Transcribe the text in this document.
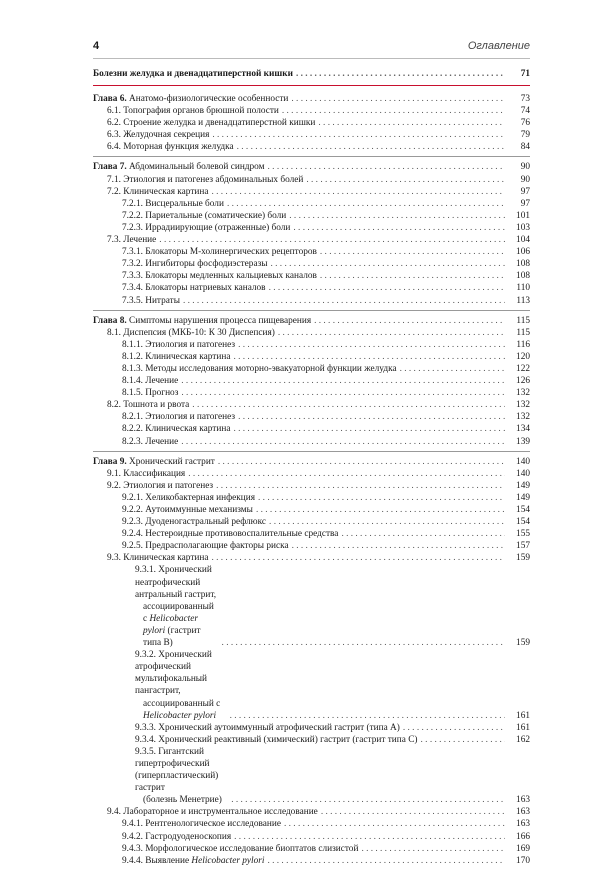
4	Оглавление
Болезни желудка и двенадцатиперстной кишки . . .	71
Глава 6. Анатомо-физиологические особенности . . .	73
6.1. Топография органов брюшной полости . . .	74
6.2. Строение желудка и двенадцатиперстной кишки . . .	76
6.3. Желудочная секреция . . .	79
6.4. Моторная функция желудка . . .	84
Глава 7. Абдоминальный болевой синдром . . .	90
7.1. Этиология и патогенез абдоминальных болей . . .	90
7.2. Клиническая картина . . .	97
7.2.1. Висцеральные боли . . .	97
7.2.2. Париетальные (соматические) боли . . .	101
7.2.3. Иррадиирующие (отраженные) боли . . .	103
7.3. Лечение . . .	104
7.3.1. Блокаторы М-холинергических рецепторов . . .	106
7.3.2. Ингибиторы фосфодиэстеразы . . .	108
7.3.3. Блокаторы медленных кальциевых каналов . . .	108
7.3.4. Блокаторы натриевых каналов . . .	110
7.3.5. Нитраты . . .	113
Глава 8. Симптомы нарушения процесса пищеварения . . .	115
8.1. Диспепсия (МКБ-10: К 30 Диспепсия) . . .	115
8.1.1. Этиология и патогенез . . .	116
8.1.2. Клиническая картина . . .	120
8.1.3. Методы исследования моторно-эвакуаторной функции желудка . . .	122
8.1.4. Лечение . . .	126
8.1.5. Прогноз . . .	132
8.2. Тошнота и рвота . . .	132
8.2.1. Этиология и патогенез . . .	132
8.2.2. Клиническая картина . . .	134
8.2.3. Лечение . . .	139
Глава 9. Хронический гастрит . . .	140
9.1. Классификация . . .	140
9.2. Этиология и патогенез . . .	149
9.2.1. Хеликобактерная инфекция . . .	149
9.2.2. Аутоиммунные механизмы . . .	154
9.2.3. Дуоденогастральный рефлюкс . . .	154
9.2.4. Нестероидные противовоспалительные средства . . .	155
9.2.5. Предрасполагающие факторы риска . . .	157
9.3. Клиническая картина . . .	159
9.3.1. Хронический неатрофический антральный гастрит,
ассоциированный с Helicobacter pylori (гастрит типа В) . . .	159
9.3.2. Хронический атрофический мультифокальный пангастрит,
ассоциированный с Helicobacter pylori . . .	161
9.3.3. Хронический аутоиммунный атрофический гастрит (типа А) . . .	161
9.3.4. Хронический реактивный (химический) гастрит (гастрит типа С) . . .	162
9.3.5. Гигантский гипертрофический (гиперпластический) гастрит
(болезнь Менетрие) . . .	163
9.4. Лабораторное и инструментальное исследование . . .	163
9.4.1. Рентгенологическое исследование . . .	163
9.4.2. Гастродуоденоскопия . . .	166
9.4.3. Морфологическое исследование биоптатов слизистой . . .	169
9.4.4. Выявление Helicobacter pylori . . .	170
